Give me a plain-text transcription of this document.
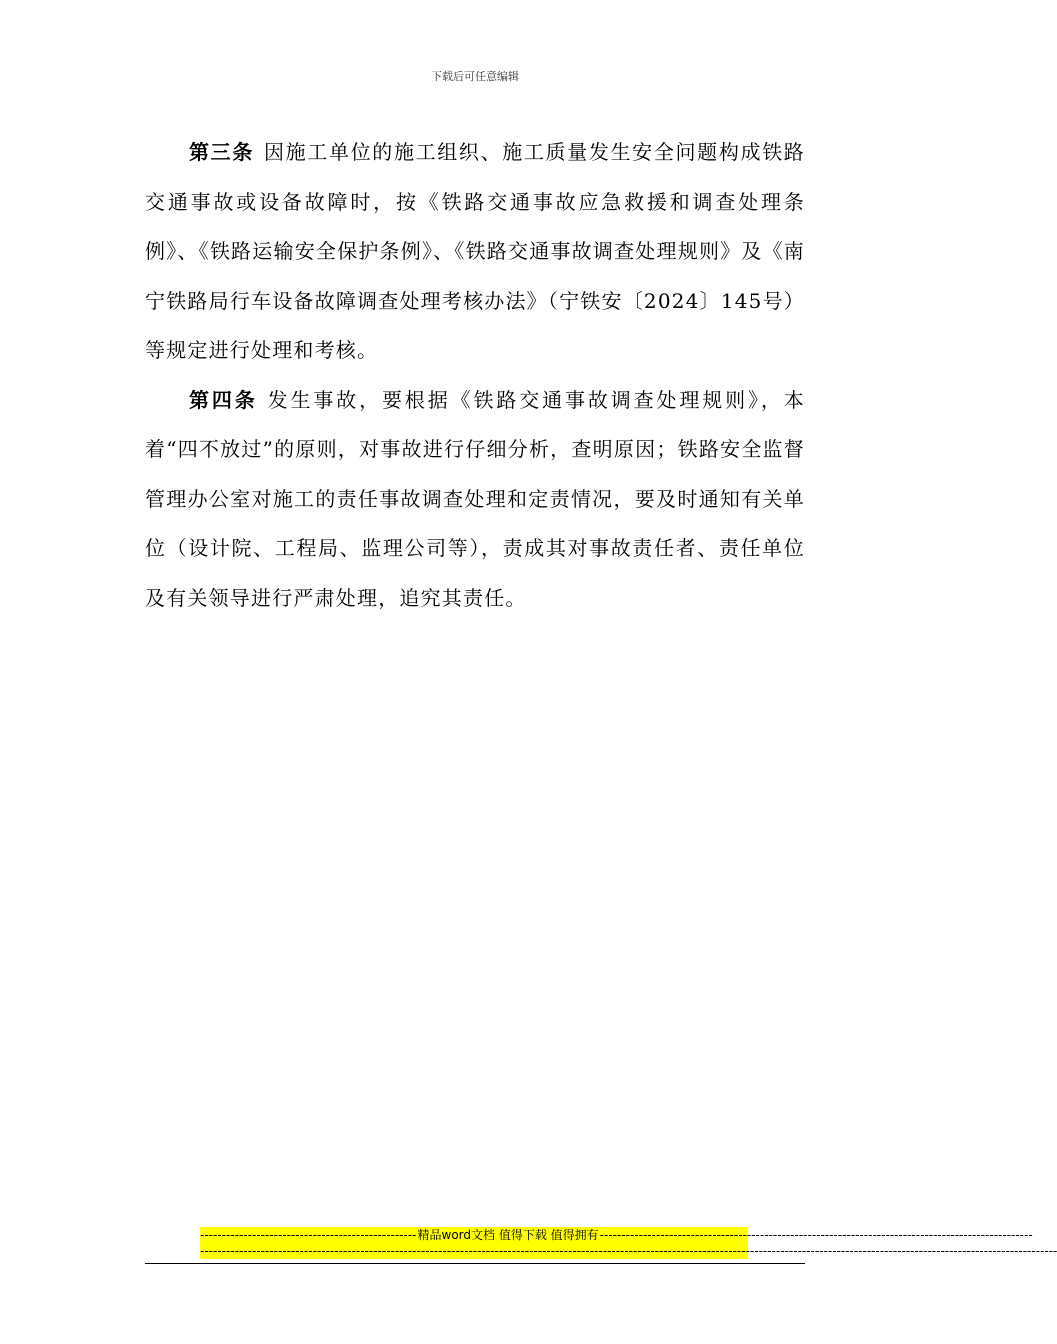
下载后可任意编辑

第三条 因施工单位的施工组织、施工质量发生安全问题构成铁路交通事故或设备故障时，按《铁路交通事故应急救援和调查处理条例》、《铁路运输安全保护条例》、《铁路交通事故调查处理规则》及《南宁铁路局行车设备故障调查处理考核办法》（宁铁安〔2024〕145号）等规定进行处理和考核。

第四条 发生事故，要根据《铁路交通事故调查处理规则》，本着“四不放过”的原则，对事故进行仔细分析，查明原因；铁路安全监督管理办公室对施工的责任事故调查处理和定责情况，要及时通知有关单位（设计院、工程局、监理公司等），责成其对事故责任者、责任单位及有关领导进行严肃处理，追究其责任。

-------------------------------------------------- 精品word文档 值得下载 值得拥有 ----------------------------------------------------------------------------------------------------
------------------------------------------------------------------------------------------------------------------------------------------------------------------------------------------------------
